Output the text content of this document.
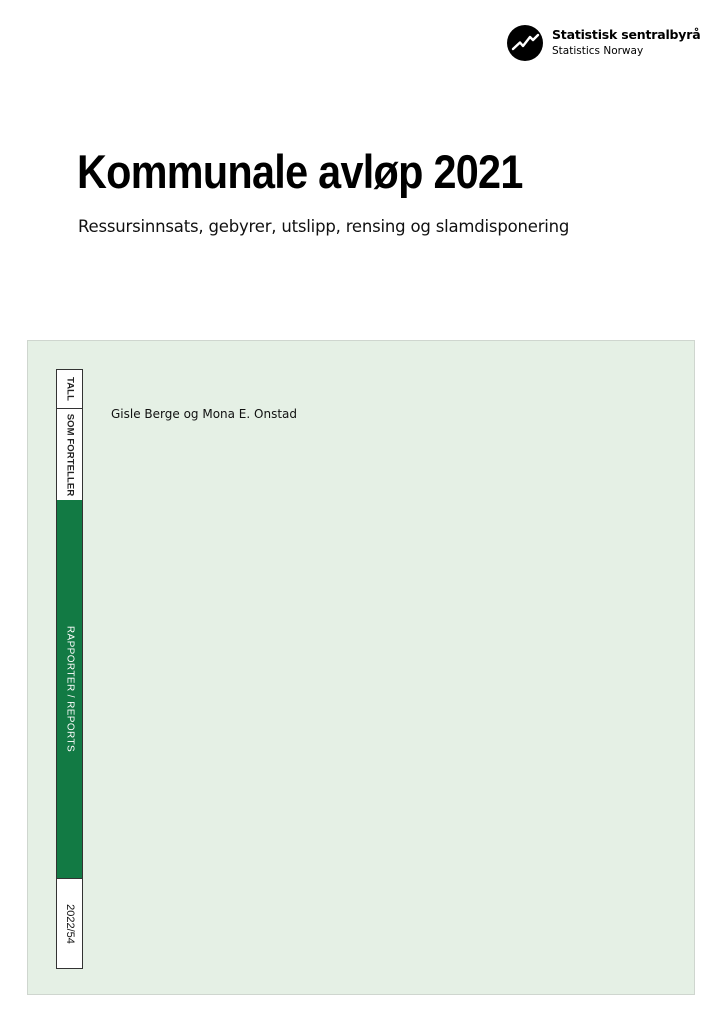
Statistisk sentralbyrå
Statistics Norway
Kommunale avløp 2021
Ressursinnsats, gebyrer, utslipp, rensing og slamdisponering
TALL
SOM FORTELLER
RAPPORTER / REPORTS
2022/54
Gisle Berge og Mona E. Onstad
